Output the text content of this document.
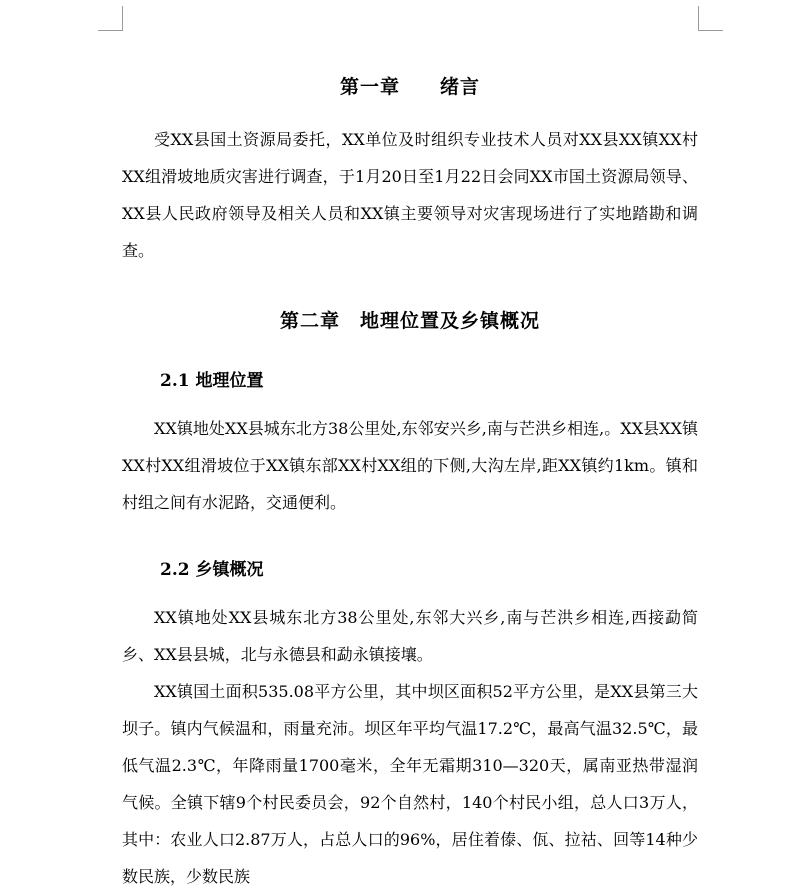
第一章　　绪言

受XX县国土资源局委托，XX单位及时组织专业技术人员对XX县XX镇XX村XX组滑坡地质灾害进行调查，于1月20日至1月22日会同XX市国土资源局领导、XX县人民政府领导及相关人员和XX镇主要领导对灾害现场进行了实地踏勘和调查。

第二章　地理位置及乡镇概况
2.1 地理位置

XX镇地处XX县城东北方38公里处,东邻安兴乡,南与芒洪乡相连,。XX县XX镇XX村XX组滑坡位于XX镇东部XX村XX组的下侧,大沟左岸,距XX镇约1km。镇和村组之间有水泥路，交通便利。

2.2 乡镇概况

XX镇地处XX县城东北方38公里处,东邻大兴乡,南与芒洪乡相连,西接勐简乡、XX县县城，北与永德县和勐永镇接壤。

XX镇国土面积535.08平方公里，其中坝区面积52平方公里，是XX县第三大坝子。镇内气候温和，雨量充沛。坝区年平均气温17.2℃，最高气温32.5℃，最低气温2.3℃，年降雨量1700毫米，全年无霜期310—320天，属南亚热带湿润气候。全镇下辖9个村民委员会，92个自然村，140个村民小组，总人口3万人，其中：农业人口2.87万人，占总人口的96%，居住着傣、佤、拉祜、回等14种少数民族，少数民族
